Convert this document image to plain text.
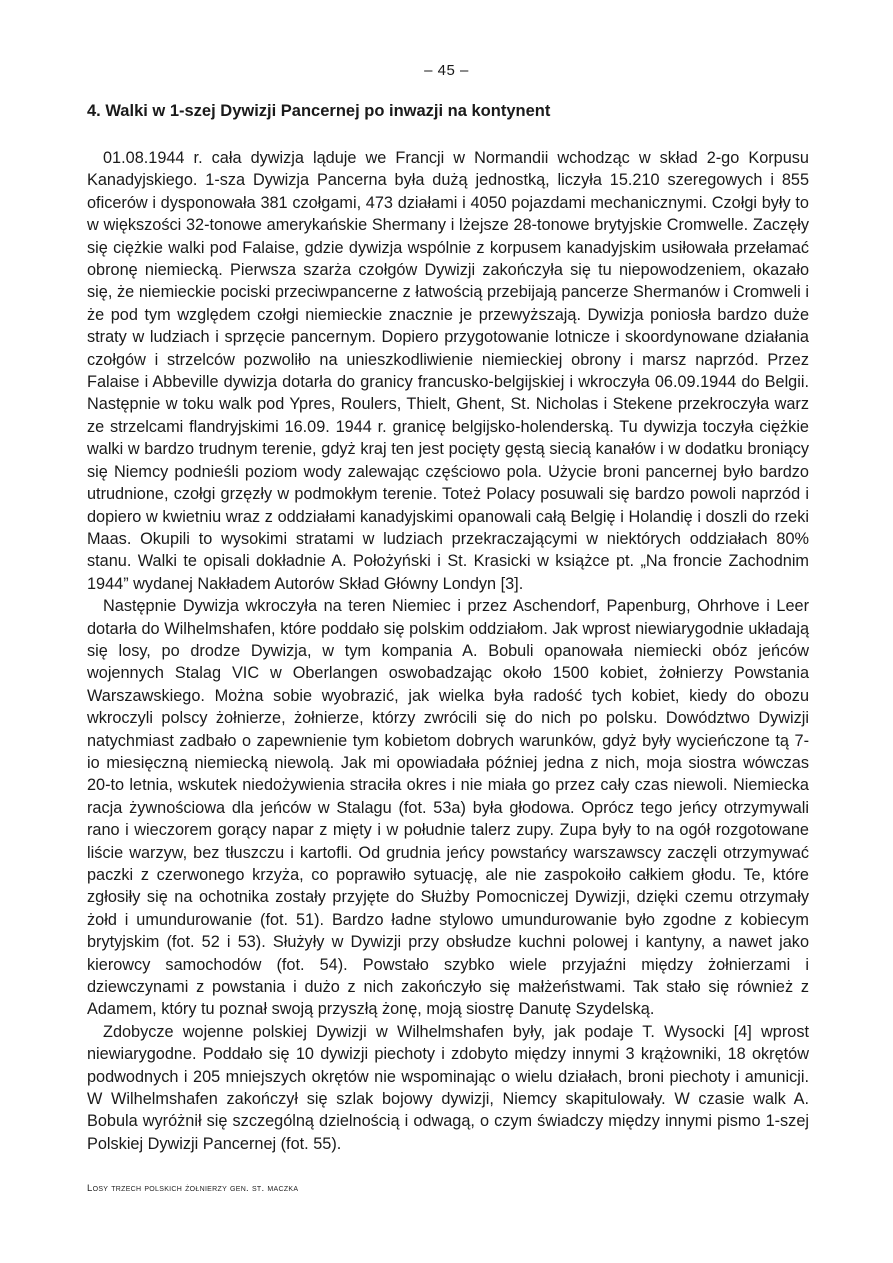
– 45 –
4. Walki w 1-szej Dywizji Pancernej po inwazji na kontynent

01.08.1944 r. cała dywizja ląduje we Francji w Normandii wchodząc w skład 2-go Korpusu Kanadyjskiego. 1-sza Dywizja Pancerna była dużą jednostką, liczyła 15.210 szeregowych i 855 oficerów i dysponowała 381 czołgami, 473 działami i 4050 pojazdami mechanicznymi. Czołgi były to w większości 32-tonowe amerykańskie Shermany i lżejsze 28-tonowe brytyjskie Cromwelle. Zaczęły się ciężkie walki pod Falaise, gdzie dywizja wspólnie z korpusem kanadyjskim usiłowała przełamać obronę niemiecką. Pierwsza szarża czołgów Dywizji zakończyła się tu niepowodzeniem, okazało się, że niemieckie pociski przeciwpancerne z łatwością przebijają pancerze Shermanów i Cromweli i że pod tym względem czołgi niemieckie znacznie je przewyższają. Dywizja poniosła bardzo duże straty w ludziach i sprzęcie pancernym. Dopiero przygotowanie lotnicze i skoordynowane działania czołgów i strzelców pozwoliło na unieszkodliwienie niemieckiej obrony i marsz naprzód. Przez Falaise i Abbeville dywizja dotarła do granicy francusko-belgijskiej i wkroczyła 06.09.1944 do Belgii. Następnie w toku walk pod Ypres, Roulers, Thielt, Ghent, St. Nicholas i Stekene przekroczyła warz ze strzelcami flandryjskimi 16.09. 1944 r. granicę belgijsko-holenderską. Tu dywizja toczyła ciężkie walki w bardzo trudnym terenie, gdyż kraj ten jest pocięty gęstą siecią kanałów i w dodatku broniący się Niemcy podnieśli poziom wody zalewając częściowo pola. Użycie broni pancernej było bardzo utrudnione, czołgi grzęzły w podmokłym terenie. Toteż Polacy posuwali się bardzo powoli naprzód i dopiero w kwietniu wraz z oddziałami kanadyjskimi opanowali całą Belgię i Holandię i doszli do rzeki Maas. Okupili to wysokimi stratami w ludziach przekraczającymi w niektórych oddziałach 80% stanu. Walki te opisali dokładnie A. Położyński i St. Krasicki w książce pt. „Na froncie Zachodnim 1944” wydanej Nakładem Autorów Skład Główny Londyn [3].

Następnie Dywizja wkroczyła na teren Niemiec i przez Aschendorf, Papenburg, Ohrhove i Leer dotarła do Wilhelmshafen, które poddało się polskim oddziałom. Jak wprost niewiarygodnie układają się losy, po drodze Dywizja, w tym kompania A. Bobuli opanowała niemiecki obóz jeńców wojennych Stalag VIC w Oberlangen oswobadzając około 1500 kobiet, żołnierzy Powstania Warszawskiego. Można sobie wyobrazić, jak wielka była radość tych kobiet, kiedy do obozu wkroczyli polscy żołnierze, żołnierze, którzy zwrócili się do nich po polsku. Dowództwo Dywizji natychmiast zadbało o zapewnienie tym kobietom dobrych warunków, gdyż były wycieńczone tą 7-io miesięczną niemiecką niewolą. Jak mi opowiadała później jedna z nich, moja siostra wówczas 20-to letnia, wskutek niedożywienia straciła okres i nie miała go przez cały czas niewoli. Niemiecka racja żywnościowa dla jeńców w Stalagu (fot. 53a) była głodowa. Oprócz tego jeńcy otrzymywali rano i wieczorem gorący napar z mięty i w południe talerz zupy. Zupa były to na ogół rozgotowane liście warzyw, bez tłuszczu i kartofli. Od grudnia jeńcy powstańcy warszawscy zaczęli otrzymywać paczki z czerwonego krzyża, co poprawiło sytuację, ale nie zaspokoiło całkiem głodu. Te, które zgłosiły się na ochotnika zostały przyjęte do Służby Pomocniczej Dywizji, dzięki czemu otrzymały żołd i umundurowanie (fot. 51). Bardzo ładne stylowo umundurowanie było zgodne z kobiecym brytyjskim (fot. 52 i 53). Służyły w Dywizji przy obsłudze kuchni polowej i kantyny, a nawet jako kierowcy samochodów (fot. 54). Powstało szybko wiele przyjaźni między żołnierzami i dziewczynami z powstania i dużo z nich zakończyło się małżeństwami. Tak stało się również z Adamem, który tu poznał swoją przyszłą żonę, moją siostrę Danutę Szydelską.

Zdobycze wojenne polskiej Dywizji w Wilhelmshafen były, jak podaje T. Wysocki [4] wprost niewiarygodne. Poddało się 10 dywizji piechoty i zdobyto między innymi 3 krążowniki, 18 okrętów podwodnych i 205 mniejszych okrętów nie wspominając o wielu działach, broni piechoty i amunicji. W Wilhelmshafen zakończył się szlak bojowy dywizji, Niemcy skapitulowały. W czasie walk A. Bobula wyróżnił się szczególną dzielnością i odwagą, o czym świadczy między innymi pismo 1-szej Polskiej Dywizji Pancernej (fot. 55).

Losy trzech polskich żołnierzy gen. st. maczka
